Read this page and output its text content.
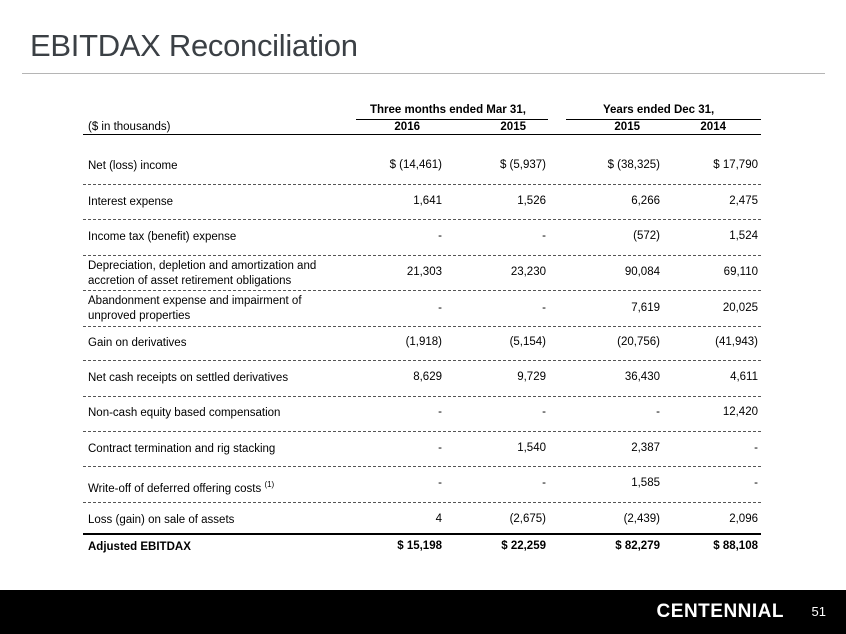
EBITDAX Reconciliation
Three months ended Mar 31,	Years ended Dec 31,
($ in thousands)	2016	2015	2015	2014
Net (loss) income	$ (14,461)	$ (5,937)	$ (38,325)	$ 17,790
Interest expense	1,641	1,526	6,266	2,475
Income tax (benefit) expense	-	-	(572)	1,524
Depreciation, depletion and amortization and
accretion of asset retirement obligations
21,303	23,230	90,084	69,110
Abandonment expense and impairment of
unproved properties
-	-	7,619	20,025
Gain on derivatives	(1,918)	(5,154)	(20,756)	(41,943)
Net cash receipts on settled derivatives	8,629	9,729	36,430	4,611
Non-cash equity based compensation	-	-	-	12,420
Contract termination and rig stacking	-	1,540	2,387	-
Write-off of deferred offering costs $^{(1)}$	-	-	1,585	-
Loss (gain) on sale of assets	4	(2,675)	(2,439)	2,096
Adjusted EBITDAX	$ 15,198	$ 22,259	$ 82,279	$ 88,108
CENTENNIAL 51
